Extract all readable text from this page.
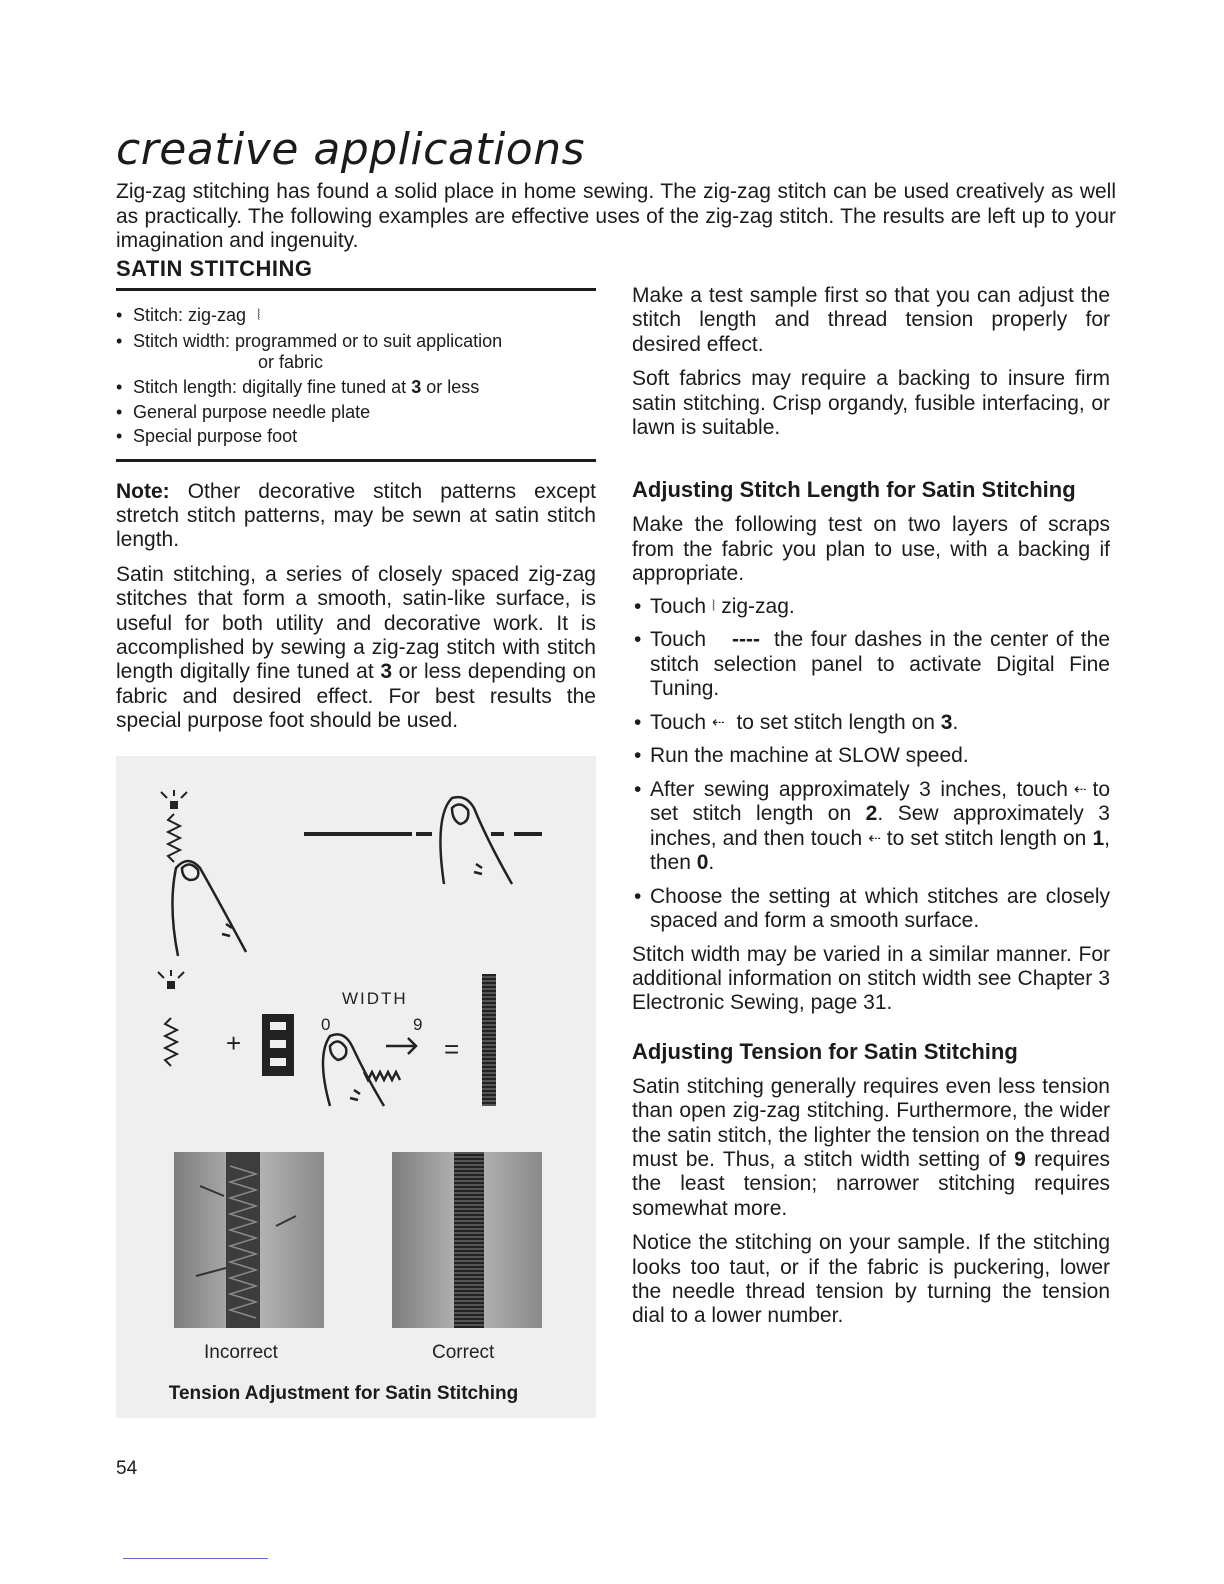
creative applications

Zig-zag stitching has found a solid place in home sewing. The zig-zag stitch can be used creatively as well as practically. The following examples are effective uses of the zig-zag stitch. The results are left up to your imagination and ingenuity.

SATIN STITCHING
• Stitch: zig-zag ⦚
• Stitch width: programmed or to suit application
or fabric
• Stitch length: digitally fine tuned at 3 or less
• General purpose needle plate
• Special purpose foot

Note: Other decorative stitch patterns except stretch stitch patterns, may be sewn at satin stitch length.

Satin stitching, a series of closely spaced zig-zag stitches that form a smooth, satin-like surface, is useful for both utility and decorative work. It is accomplished by sewing a zig-zag stitch with stitch length digitally fine tuned at 3 or less depending on fabric and desired effect. For best results the special purpose foot should be used.

+
WIDTH
0	9
=
Incorrect	Correct
Tension Adjustment for Satin Stitching

Make a test sample first so that you can adjust the stitch length and thread tension properly for desired effect.

Soft fabrics may require a backing to insure firm satin stitching. Crisp organdy, fusible interfacing, or lawn is suitable.

Adjusting Stitch Length for Satin Stitching

Make the following test on two layers of scraps from the fabric you plan to use, with a backing if appropriate.

• Touch ⦚ zig-zag.
• Touch ---- the four dashes in the center of the stitch selection panel to activate Digital Fine Tuning.
• Touch ⇠ to set stitch length on 3.
• Run the machine at SLOW speed.
• After sewing approximately 3 inches, touch ⇠ to set stitch length on 2. Sew approximately 3 inches, and then touch ⇠ to set stitch length on 1, then 0.
• Choose the setting at which stitches are closely spaced and form a smooth surface.

Stitch width may be varied in a similar manner. For additional information on stitch width see Chapter 3 Electronic Sewing, page 31.

Adjusting Tension for Satin Stitching

Satin stitching generally requires even less tension than open zig-zag stitching. Furthermore, the wider the satin stitch, the lighter the tension on the thread must be. Thus, a stitch width setting of 9 requires the least tension; narrower stitching requires somewhat more.

Notice the stitching on your sample. If the stitching looks too taut, or if the fabric is puckering, lower the needle thread tension by turning the tension dial to a lower number.

54
